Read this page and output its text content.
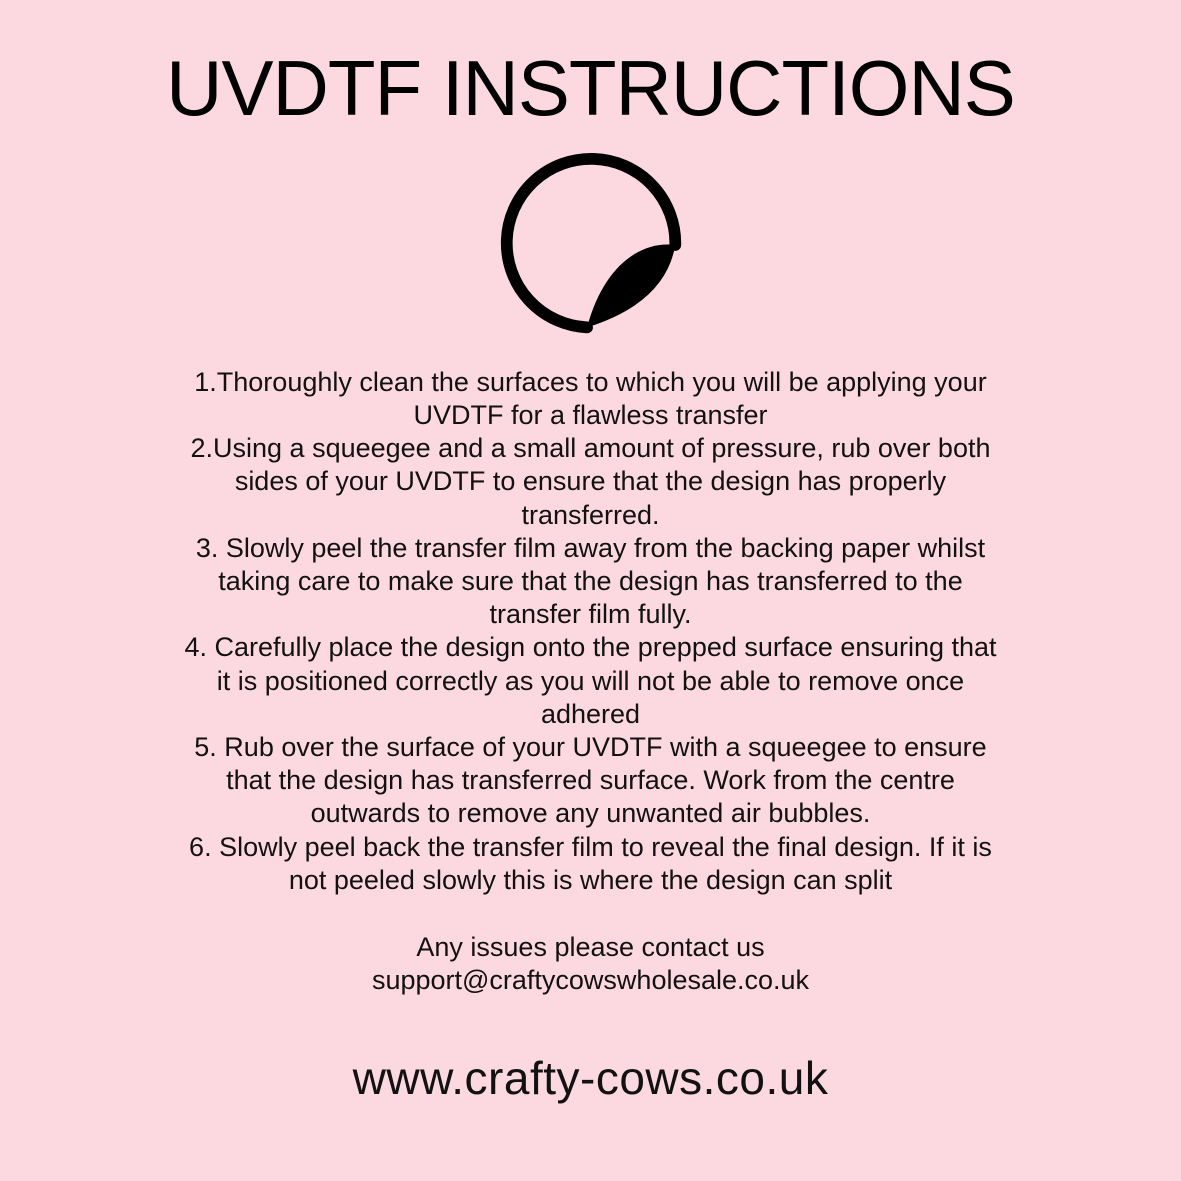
UVDTF INSTRUCTIONS

1.Thoroughly clean the surfaces to which you will be applying your UVDTF for a flawless transfer

2.Using a squeegee and a small amount of pressure, rub over both sides of your UVDTF to ensure that the design has properly transferred.

3. Slowly peel the transfer film away from the backing paper whilst taking care to make sure that the design has transferred to the transfer film fully.

4. Carefully place the design onto the prepped surface ensuring that it is positioned correctly as you will not be able to remove once adhered

5. Rub over the surface of your UVDTF with a squeegee to ensure that the design has transferred surface. Work from the centre outwards to remove any unwanted air bubbles.

6. Slowly peel back the transfer film to reveal the final design. If it is not peeled slowly this is where the design can split

Any issues please contact us

support@craftycowswholesale.co.uk

www.crafty-cows.co.uk
